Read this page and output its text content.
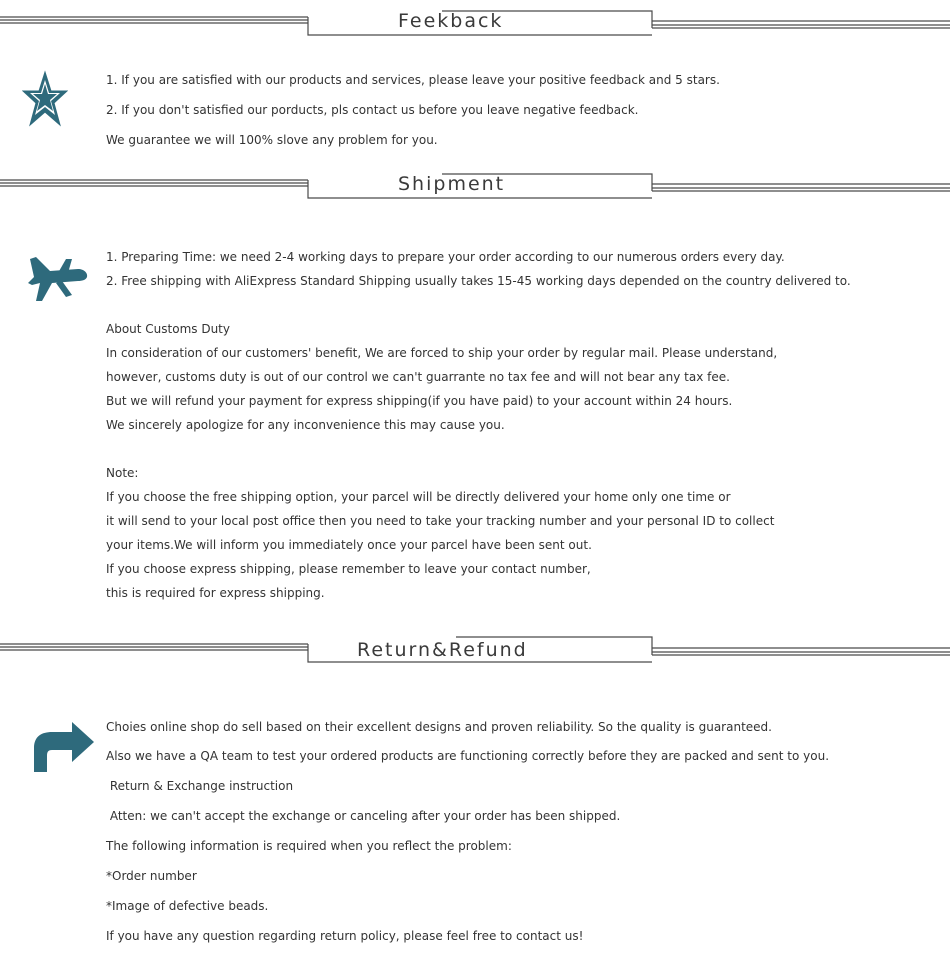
Feekback
1. If you are satisfied with our products and services, please leave your positive feedback and 5 stars.
2. If you don't satisfied our porducts, pls contact us before you leave negative feedback.
We guarantee we will 100% slove any problem for you.
Shipment
1. Preparing Time: we need 2-4 working days to prepare your order according to our numerous orders every day.
2. Free shipping with AliExpress Standard Shipping usually takes 15-45 working days depended on the country delivered to.
About Customs Duty
In consideration of our customers' benefit, We are forced to ship your order by regular mail. Please understand,
however, customs duty is out of our control we can't guarrante no tax fee and will not bear any tax fee.
But we will refund your payment for express shipping(if you have paid) to your account within 24 hours.
We sincerely apologize for any inconvenience this may cause you.
Note:
If you choose the free shipping option, your parcel will be directly delivered your home only one time or
it will send to your local post office then you need to take your tracking number and your personal ID to collect
your items.We will inform you immediately once your parcel have been sent out.
If you choose express shipping, please remember to leave your contact number,
this is required for express shipping.
Return&Refund
Choies online shop do sell based on their excellent designs and proven reliability. So the quality is guaranteed.
Also we have a QA team to test your ordered products are functioning correctly before they are packed and sent to you.
Return & Exchange instruction
Atten: we can't accept the exchange or canceling after your order has been shipped.
The following information is required when you reflect the problem:
*Order number
*Image of defective beads.
If you have any question regarding return policy, please feel free to contact us!
